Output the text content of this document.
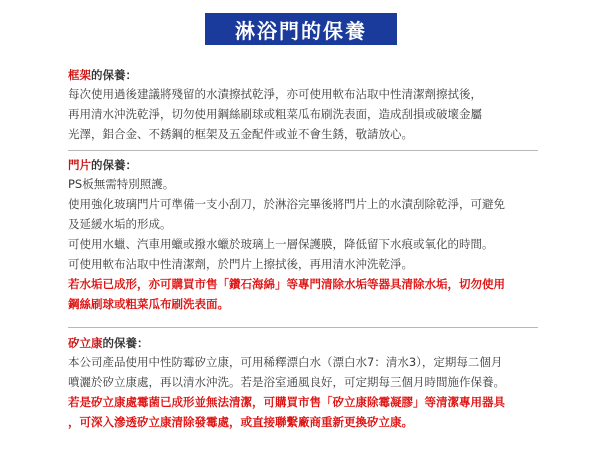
淋浴門的保養

框架的保養：

每次使用過後建議將殘留的水漬擦拭乾淨，亦可使用軟布沾取中性清潔劑擦拭後，

再用清水沖洗乾淨，切勿使用鋼絲刷球或粗菜瓜布刷洗表面，造成刮損或破壞金屬

光澤，鋁合金、不銹鋼的框架及五金配件或並不會生銹，敬請放心。

門片的保養：

PS板無需特別照護。

使用強化玻璃門片可準備一支小刮刀，於淋浴完畢後將門片上的水漬刮除乾淨，可避免

及延緩水垢的形成。

可使用水蠟、汽車用蠟或撥水蠟於玻璃上一層保護膜，降低留下水痕或氧化的時間。

可使用軟布沾取中性清潔劑，於門片上擦拭後，再用清水沖洗乾淨。

若水垢已成形，亦可購買市售「鑽石海綿」等專門清除水垢等器具清除水垢，切勿使用

鋼絲刷球或粗菜瓜布刷洗表面。

矽立康的保養：

本公司產品使用中性防霉矽立康，可用稀釋漂白水（漂白水7：清水3），定期每二個月

噴灑於矽立康處，再以清水沖洗。若是浴室通風良好，可定期每三個月時間施作保養。

若是矽立康處霉菌已成形並無法清潔，可購買市售「矽立康除霉凝膠」等清潔專用器具

，可深入滲透矽立康清除發霉處，或直接聯繫廠商重新更換矽立康。
